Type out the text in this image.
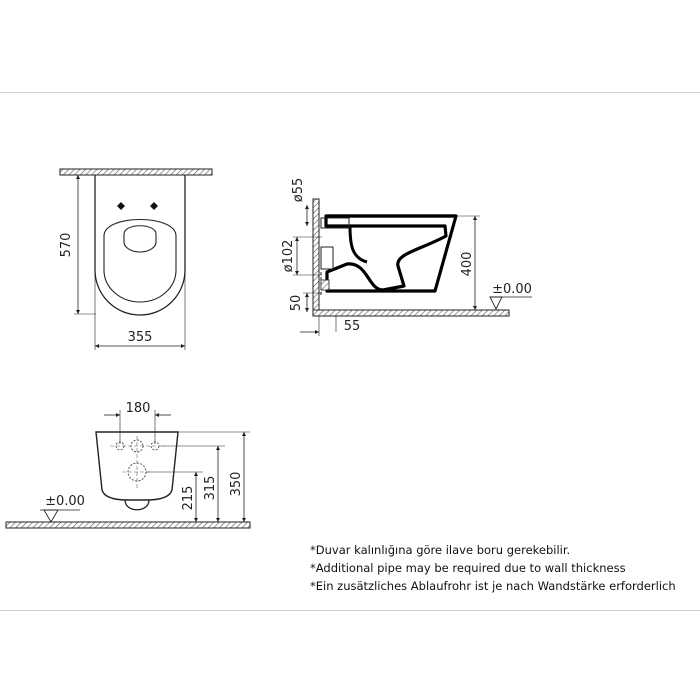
570
355
ø55
ø102
50
55
400
±0.00
180
215 315 350
±0.00
*Duvar kalınlığına göre ilave boru gerekebilir.
*Additional pipe may be required due to wall thickness
*Ein zusätzliches Ablaufrohr ist je nach Wandstärke erforderlich
